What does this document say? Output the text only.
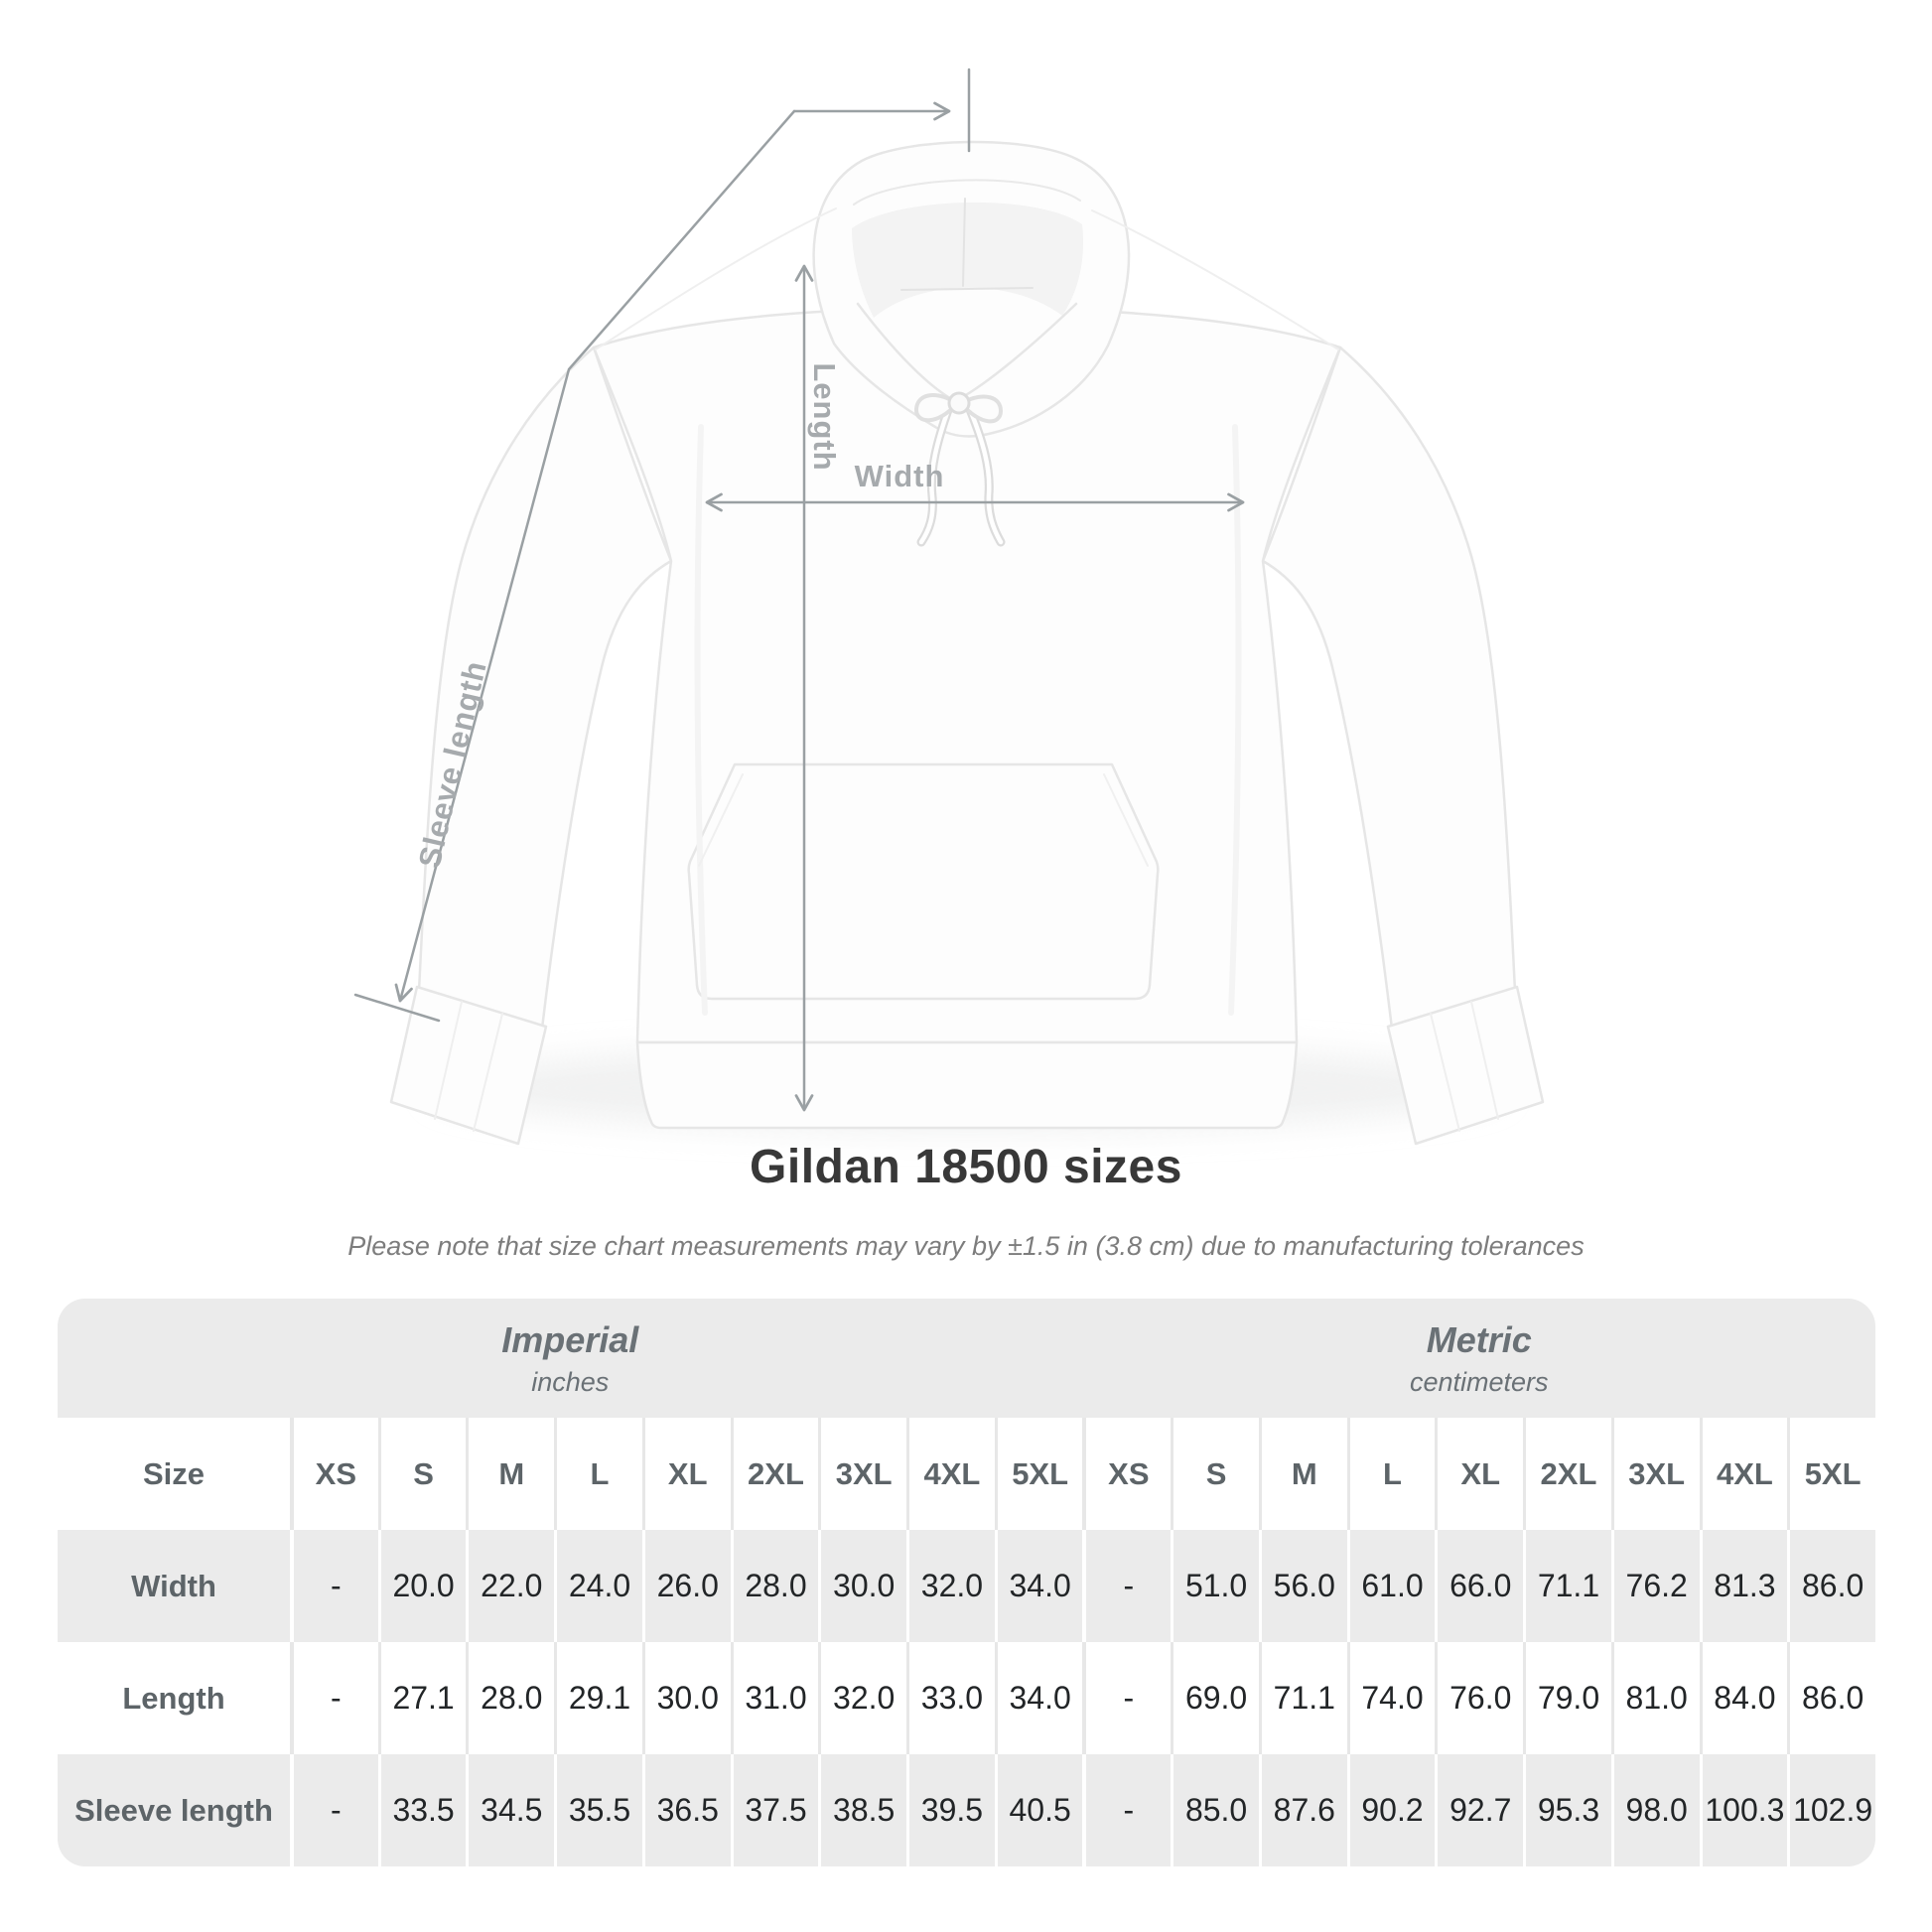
Length
Width
Sleeve length
Gildan 18500 sizes
Please note that size chart measurements may vary by ±1.5 in (3.8 cm) due to manufacturing tolerances
Imperial
inches
Metric
centimeters
Size	XS	S	M	L	XL	2XL	3XL	4XL	5XL	XS	S	M	L	XL	2XL	3XL	4XL	5XL
Width	-	20.0 22.0 24.0 26.0 28.0 30.0 32.0 34.0	-	51.0 56.0 61.0 66.0 71.1 76.2 81.3 86.0
Length	-	27.1 28.0 29.1 30.0 31.0 32.0 33.0 34.0	-	69.0 71.1 74.0 76.0 79.0 81.0 84.0 86.0
Sleeve length	-	33.5 34.5 35.5 36.5 37.5 38.5 39.5 40.5	-	85.0 87.6 90.2 92.7 95.3 98.0 100.3 102.9
